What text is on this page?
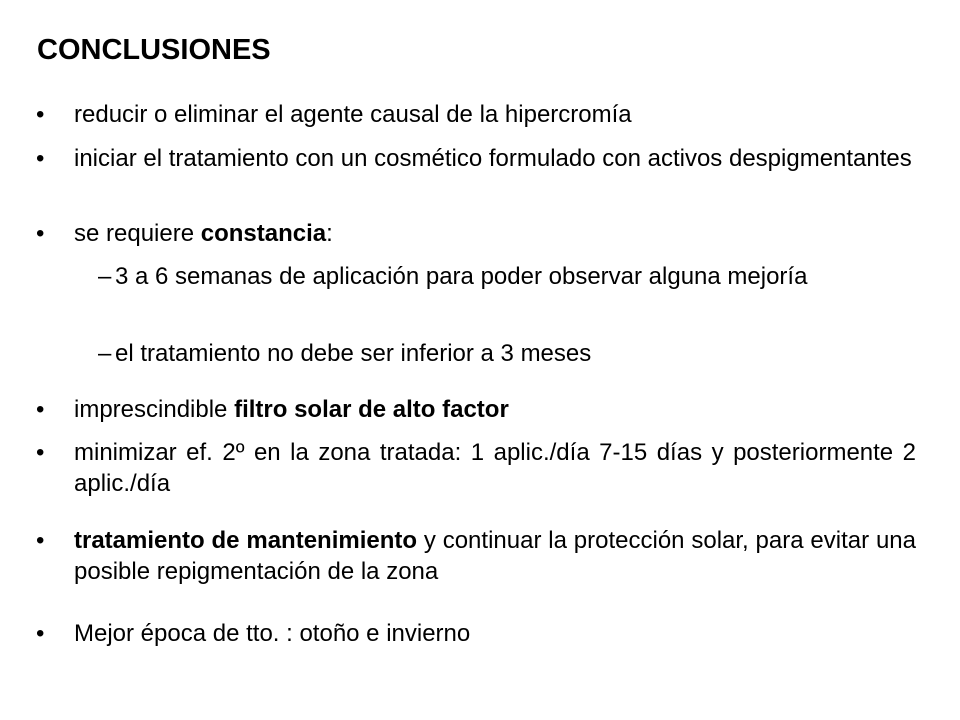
CONCLUSIONES
• reducir o eliminar el agente causal de la hipercromía
• iniciar el tratamiento con un cosmético formulado con activos despigmentantes
• se requiere constancia:
– 3 a 6 semanas de aplicación para poder observar alguna mejoría
– el tratamiento no debe ser inferior a 3 meses
• imprescindible filtro solar de alto factor
• minimizar ef. 2º en la zona tratada: 1 aplic./día 7-15 días y posteriormente 2 aplic./día
• tratamiento de mantenimiento y continuar la protección solar, para evitar una posible repigmentación de la zona
• Mejor época de tto. : otoño e invierno
